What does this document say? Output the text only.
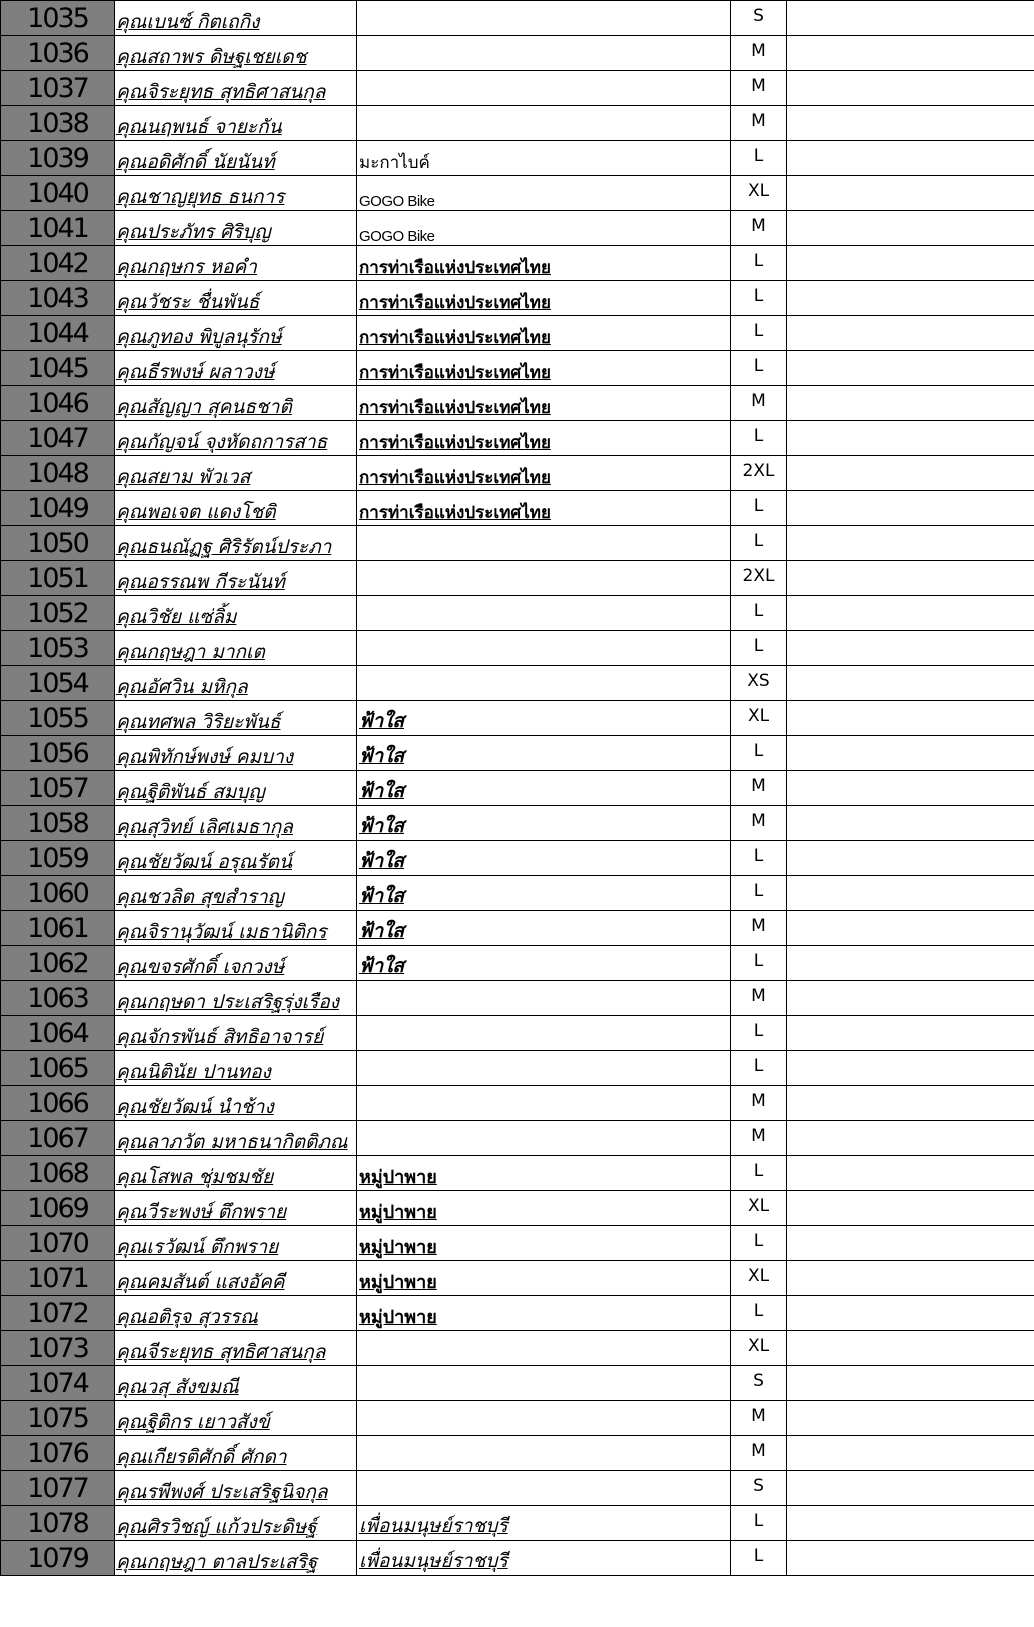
1035	คุณเบนซ์ กิตเถกิง		S	
1036	คุณสถาพร ดิษฐเชยเดช		M	
1037	คุณจิระยุทธ สุทธิศาสนกุล		M	
1038	คุณนฤพนธ์ จายะกัน		M	
1039	คุณอดิศักดิ์ นัยนันท์	มะกาไบค์	L	
1040	คุณชาญยุทธ ธนการ	GOGO Bike	XL	
1041	คุณประภัทร ศิริบุญ	GOGO Bike	M	
1042	คุณกฤษกร หอคำ	การท่าเรือแห่งประเทศไทย	L	
1043	คุณวัชระ ชื่นพันธ์	การท่าเรือแห่งประเทศไทย	L	
1044	คุณภูทอง พิบูลนุรักษ์	การท่าเรือแห่งประเทศไทย	L	
1045	คุณธีรพงษ์ ผลาวงษ์	การท่าเรือแห่งประเทศไทย	L	
1046	คุณสัญญา สุคนธชาติ	การท่าเรือแห่งประเทศไทย	M	
1047	คุณกัญจน์ จุงหัดถการสาธ	การท่าเรือแห่งประเทศไทย	L	
1048	คุณสยาม พัวเวส	การท่าเรือแห่งประเทศไทย	2XL	
1049	คุณพอเจต แดงโชติ	การท่าเรือแห่งประเทศไทย	L	
1050	คุณธนณัฏฐ ศิริรัตน์ประภา		L	
1051	คุณอรรณพ กีระนันท์		2XL	
1052	คุณวิชัย แซ่ลิ้ม		L	
1053	คุณกฤษฎา มากเต		L	
1054	คุณอัศวิน มหิกุล		XS	
1055	คุณทศพล วิริยะพันธ์	ฟ้าใส	XL	
1056	คุณพิทักษ์พงษ์ คมบาง	ฟ้าใส	L	
1057	คุณฐิติพันธ์ สมบุญ	ฟ้าใส	M	
1058	คุณสุวิทย์ เลิศเมธากุล	ฟ้าใส	M	
1059	คุณชัยวัฒน์ อรุณรัตน์	ฟ้าใส	L	
1060	คุณชวลิต สุขสำราญ	ฟ้าใส	L	
1061	คุณจิรานุวัฒน์ เมธานิติกร	ฟ้าใส	M	
1062	คุณขจรศักดิ์ เจกวงษ์	ฟ้าใส	L	
1063	คุณกฤษดา ประเสริฐรุ่งเรือง		M	
1064	คุณจักรพันธ์ สิทธิอาจารย์		L	
1065	คุณนิตินัย ปานทอง		L	
1066	คุณชัยวัฒน์ นำช้าง		M	
1067	คุณลาภวัต มหาธนากิตติภณ		M	
1068	คุณโสพล ชุ่มชมชัย	หมู่ปาพาย	L	
1069	คุณวีระพงษ์ ตึกพราย	หมู่ปาพาย	XL	
1070	คุณเรวัฒน์ ตึกพราย	หมู่ปาพาย	L	
1071	คุณคมสันต์ แสงอัคคี	หมู่ปาพาย	XL	
1072	คุณอติรุจ สุวรรณ	หมู่ปาพาย	L	
1073	คุณจีระยุทธ สุทธิศาสนกุล		XL	
1074	คุณวสุ สังขมณี		S	
1075	คุณฐิติกร เยาวสังข์		M	
1076	คุณเกียรติศักดิ์ ศักดา		M	
1077	คุณรพีพงศ์ ประเสริฐนิจกุล		S	
1078	คุณศิรวิชญ์ แก้วประดิษฐ์	เพื่อนมนุษย์ราชบุรี	L	
1079	คุณกฤษฎา ตาลประเสริฐ	เพื่อนมนุษย์ราชบุรี	L	
